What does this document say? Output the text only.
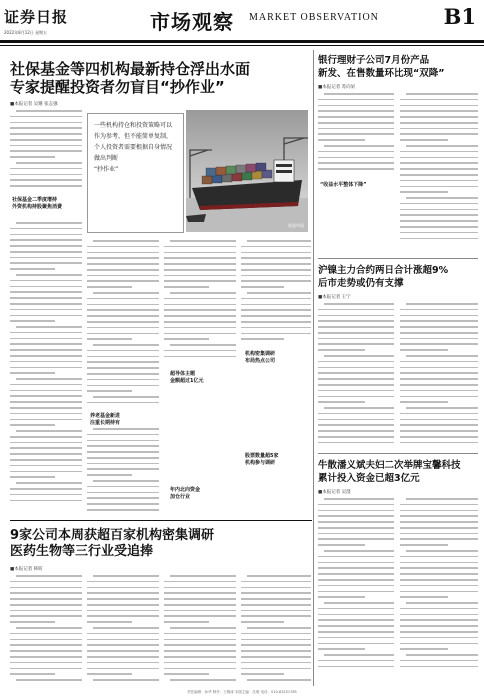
证券日报
2022年8月12日 星期五	市场观察 MARKET OBSERVATION	B1
社保基金等四机构最新持仓浮出水面
专家提醒投资者勿盲目“抄作业”
■本报记者 吴珊 张志强
社保基金二季度增持
外资机构持股聚焦消费

一些机构持仓和投资策略可以作为参考，但不能简单复制，个人投资者需要根据自身情况做出判断

“抄作业”

视觉中国
养老基金新进
注重长期持有
超导体主题
金额超过1亿元
机构密集调研
布局热点公司
年内北向资金
加仓行业
股票数量超5家
机构参与调研
9家公司本周获超百家机构密集调研
医药生物等三行业受追捧
■本报记者 韩昉
银行理财子公司7月份产品
新发、在售数量环比现“双降”
■本报记者 苏向杲
“收益水平整体下降”
沪镍主力合约两日合计涨超9%
后市走势或仍有支撑
■本报记者 王宁
牛散潘义斌夫妇二次举牌宝馨科技
累计投入资金已超3亿元
■本报记者 吴澄
责任编辑：孙华 制作：王敬涛 本版主编：沈明 电话：010-83251785
